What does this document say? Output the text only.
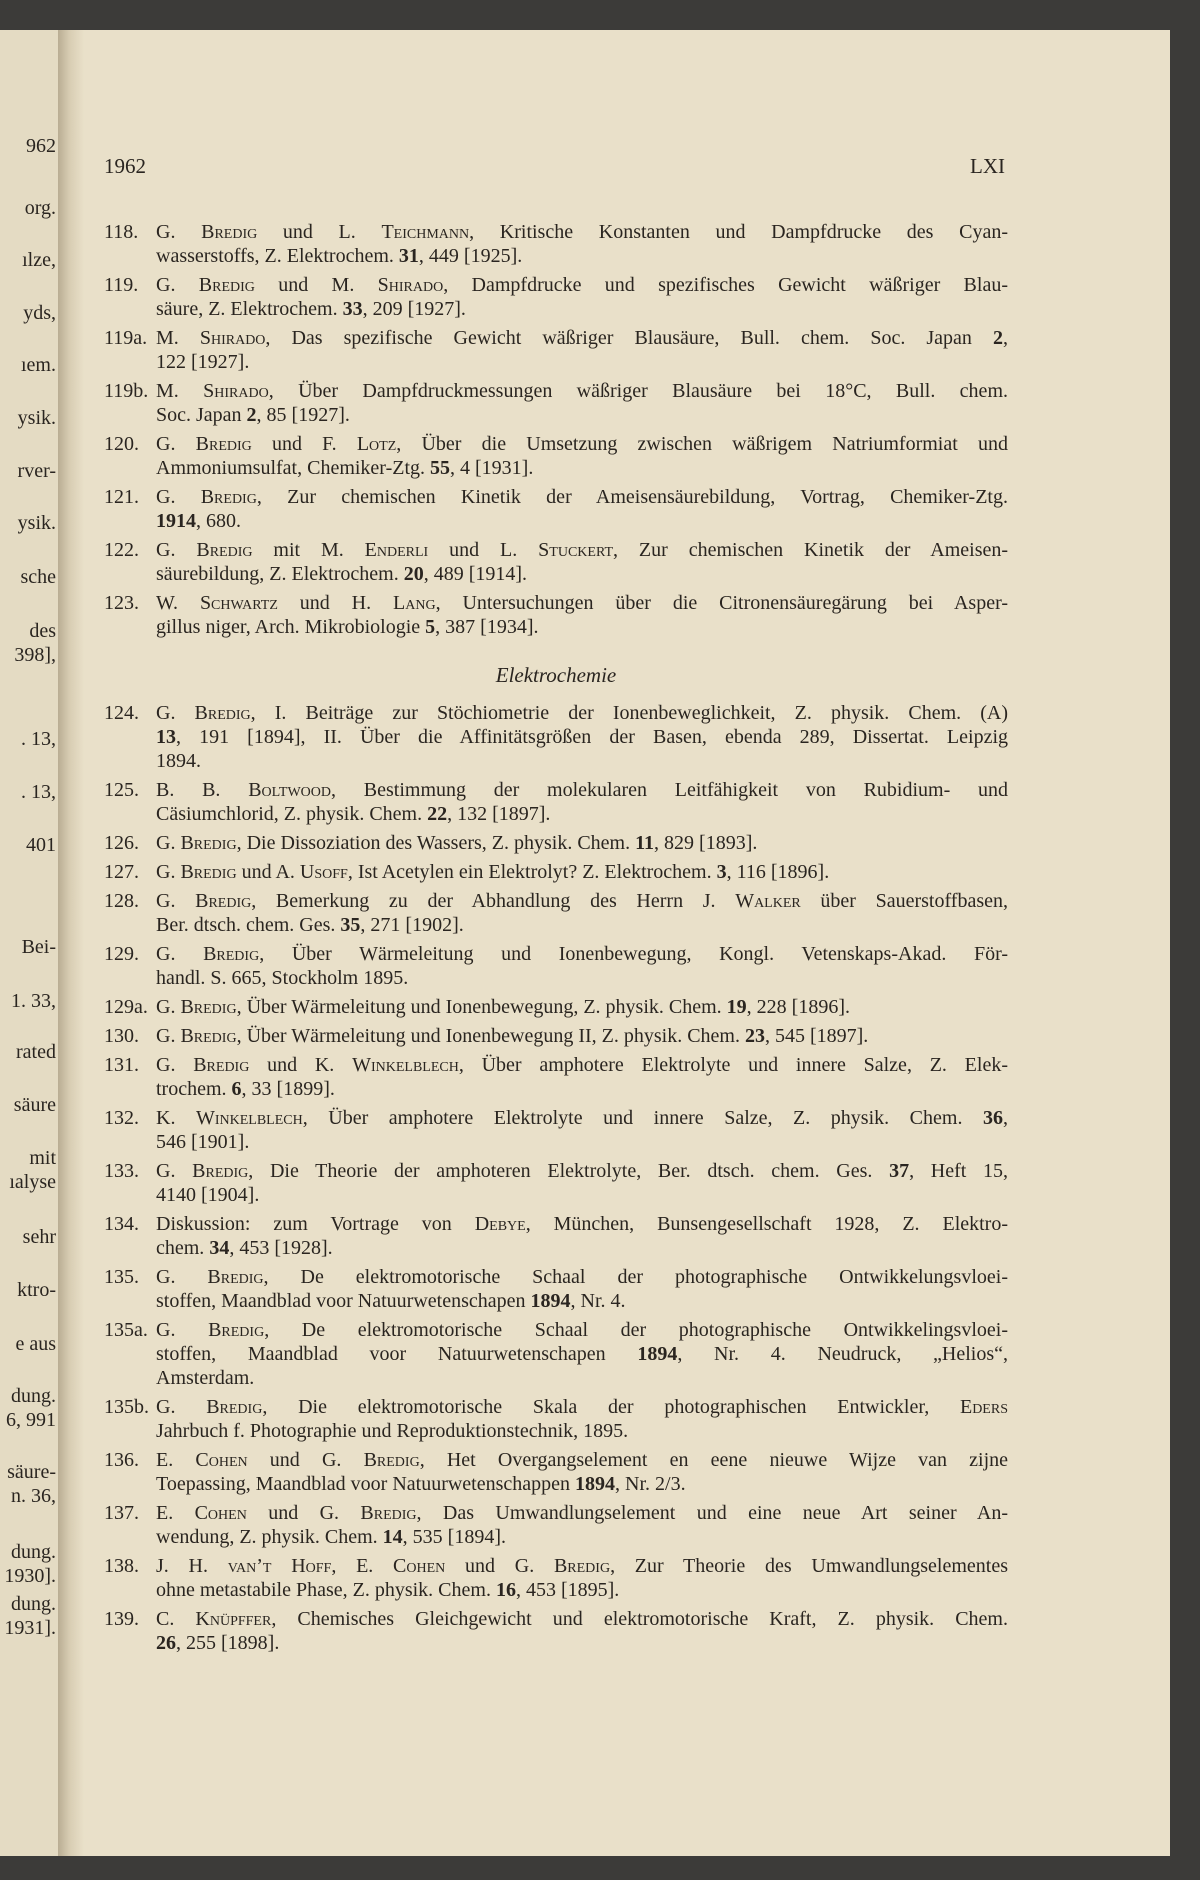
962
org.
ılze,
yds,
ıem.
ysik.
rver-
ysik.
sche
des
398],
. 13,
. 13,
401
Bei-
1. 33,
rated
säure
mit
ıalyse
sehr
ktro-
e aus
dung.
6, 991
säure-
n. 36,
dung.
1930].
dung.
1931].
1962	LXI
118. G. Bredig und L. Teichmann, Kritische Konstanten und Dampfdrucke des Cyan-
wasserstoffs, Z. Elektrochem. 31, 449 [1925].
119. G. Bredig und M. Shirado, Dampfdrucke und spezifisches Gewicht wäßriger Blau-
säure, Z. Elektrochem. 33, 209 [1927].
119a. M. Shirado, Das spezifische Gewicht wäßriger Blausäure, Bull. chem. Soc. Japan 2,
122 [1927].
119b. M. Shirado, Über Dampfdruckmessungen wäßriger Blausäure bei 18°C, Bull. chem.
Soc. Japan 2, 85 [1927].
120. G. Bredig und F. Lotz, Über die Umsetzung zwischen wäßrigem Natriumformiat und
Ammoniumsulfat, Chemiker-Ztg. 55, 4 [1931].
121. G. Bredig, Zur chemischen Kinetik der Ameisensäurebildung, Vortrag, Chemiker-Ztg.
1914, 680.
122. G. Bredig mit M. Enderli und L. Stuckert, Zur chemischen Kinetik der Ameisen-
säurebildung, Z. Elektrochem. 20, 489 [1914].
123. W. Schwartz und H. Lang, Untersuchungen über die Citronensäuregärung bei Asper-
gillus niger, Arch. Mikrobiologie 5, 387 [1934].
Elektrochemie
124. G. Bredig, I. Beiträge zur Stöchiometrie der Ionenbeweglichkeit, Z. physik. Chem. (A)
13, 191 [1894], II. Über die Affinitätsgrößen der Basen, ebenda 289, Dissertat. Leipzig
1894.
125. B. B. Boltwood, Bestimmung der molekularen Leitfähigkeit von Rubidium- und
Cäsiumchlorid, Z. physik. Chem. 22, 132 [1897].
126. G. Bredig, Die Dissoziation des Wassers, Z. physik. Chem. 11, 829 [1893].
127. G. Bredig und A. Usoff, Ist Acetylen ein Elektrolyt? Z. Elektrochem. 3, 116 [1896].
128. G. Bredig, Bemerkung zu der Abhandlung des Herrn J. Walker über Sauerstoffbasen,
Ber. dtsch. chem. Ges. 35, 271 [1902].
129. G. Bredig, Über Wärmeleitung und Ionenbewegung, Kongl. Vetenskaps-Akad. För-
handl. S. 665, Stockholm 1895.
129a. G. Bredig, Über Wärmeleitung und Ionenbewegung, Z. physik. Chem. 19, 228 [1896].
130. G. Bredig, Über Wärmeleitung und Ionenbewegung II, Z. physik. Chem. 23, 545 [1897].
131. G. Bredig und K. Winkelblech, Über amphotere Elektrolyte und innere Salze, Z. Elek-
trochem. 6, 33 [1899].
132. K. Winkelblech, Über amphotere Elektrolyte und innere Salze, Z. physik. Chem. 36,
546 [1901].
133. G. Bredig, Die Theorie der amphoteren Elektrolyte, Ber. dtsch. chem. Ges. 37, Heft 15,
4140 [1904].
134. Diskussion: zum Vortrage von Debye, München, Bunsengesellschaft 1928, Z. Elektro-
chem. 34, 453 [1928].
135. G. Bredig, De elektromotorische Schaal der photographische Ontwikkelungsvloei-
stoffen, Maandblad voor Natuurwetenschapen 1894, Nr. 4.
135a. G. Bredig, De elektromotorische Schaal der photographische Ontwikkelingsvloei-
stoffen, Maandblad voor Natuurwetenschapen 1894, Nr. 4. Neudruck, „Helios“,
Amsterdam.
135b. G. Bredig, Die elektromotorische Skala der photographischen Entwickler, Eders
Jahrbuch f. Photographie und Reproduktionstechnik, 1895.
136. E. Cohen und G. Bredig, Het Overgangselement en eene nieuwe Wijze van zijne
Toepassing, Maandblad voor Natuurwetenschappen 1894, Nr. 2/3.
137. E. Cohen und G. Bredig, Das Umwandlungselement und eine neue Art seiner An-
wendung, Z. physik. Chem. 14, 535 [1894].
138. J. H. van’t Hoff, E. Cohen und G. Bredig, Zur Theorie des Umwandlungselementes
ohne metastabile Phase, Z. physik. Chem. 16, 453 [1895].
139. C. Knüpffer, Chemisches Gleichgewicht und elektromotorische Kraft, Z. physik. Chem.
26, 255 [1898].
